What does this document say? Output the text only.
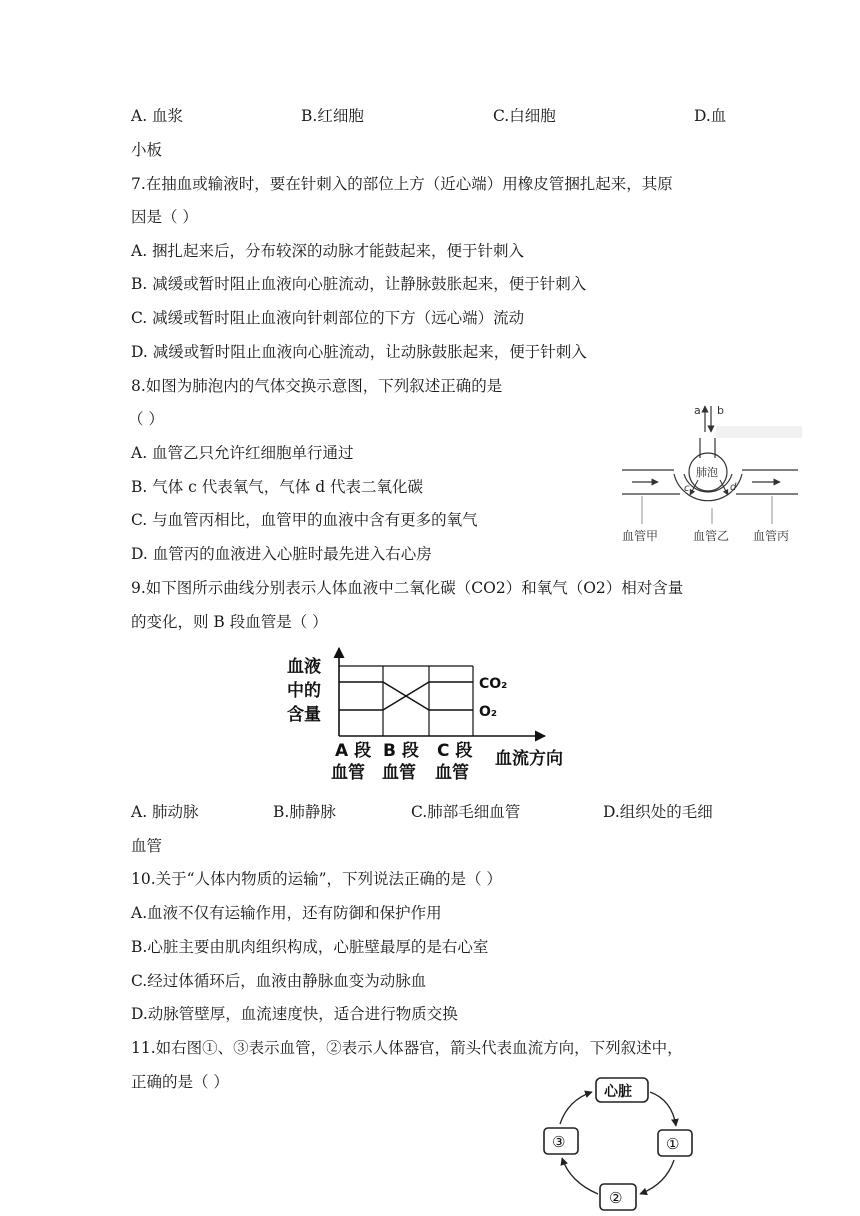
A. 血浆	B.红细胞	C.白细胞	D.血
小板
7.在抽血或输液时，要在针刺入的部位上方（近心端）用橡皮管捆扎起来，其原
因是（ ）
A. 捆扎起来后，分布较深的动脉才能鼓起来，便于针刺入
B. 减缓或暂时阻止血液向心脏流动，让静脉鼓胀起来，便于针刺入
C. 减缓或暂时阻止血液向针刺部位的下方（远心端）流动
D. 减缓或暂时阻止血液向心脏流动，让动脉鼓胀起来，便于针刺入
8.如图为肺泡内的气体交换示意图，下列叙述正确的是
（ ）
A. 血管乙只允许红细胞单行通过
B. 气体 c 代表氧气，气体 d 代表二氧化碳
C. 与血管丙相比，血管甲的血液中含有更多的氧气
D. 血管丙的血液进入心脏时最先进入右心房
a b
肺泡
c	d
血管甲	血管乙 血管丙
9.如下图所示曲线分别表示人体血液中二氧化碳（CO2）和氧气（O2）相对含量
的变化，则 B 段血管是（ ）
血液
中的
含量
CO₂
O₂
A 段
血管
B 段
血管
C 段
血管
血流方向
A. 肺动脉	B.肺静脉	C.肺部毛细血管	D.组织处的毛细
血管
10.关于“人体内物质的运输”，下列说法正确的是（ ）
A.血液不仅有运输作用，还有防御和保护作用
B.心脏主要由肌肉组织构成，心脏壁最厚的是右心室
C.经过体循环后，血液由静脉血变为动脉血
D.动脉管壁厚，血流速度快，适合进行物质交换
11.如右图①、③表示血管，②表示人体器官，箭头代表血流方向，下列叙述中，
正确的是（ ）
心脏
①
③
②
